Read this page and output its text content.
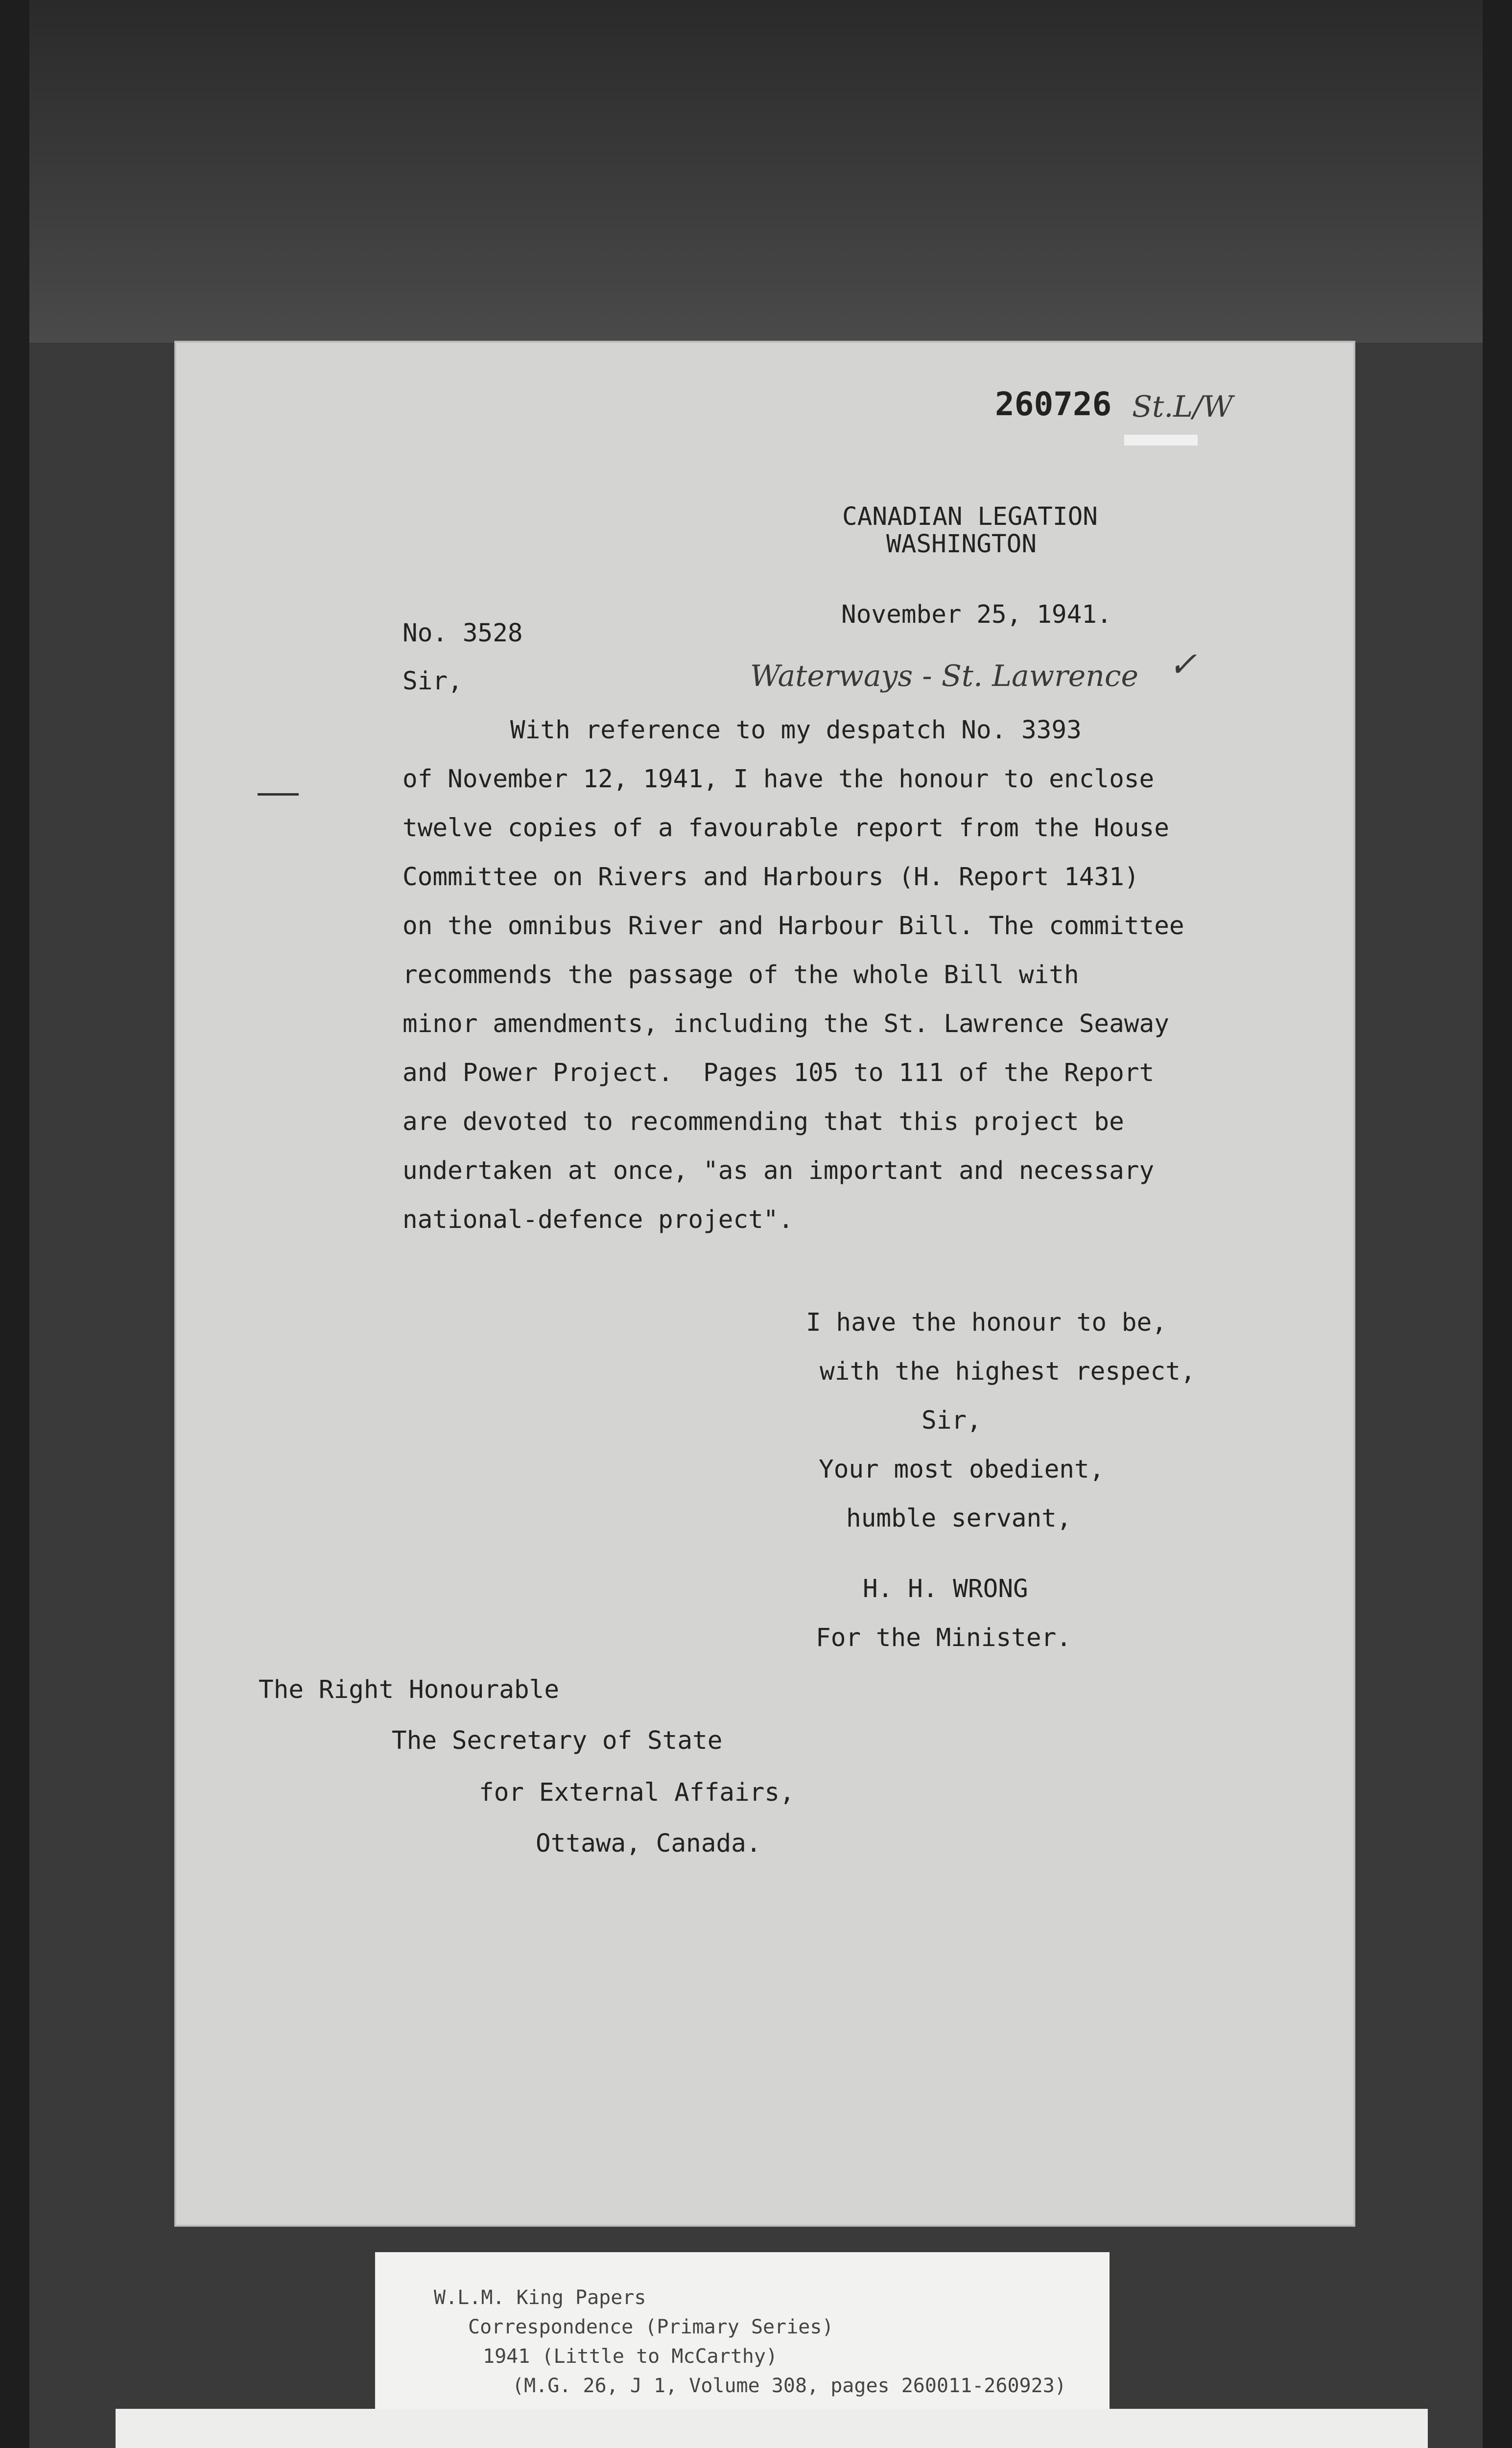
260726 St.L/W
CANADIAN LEGATION
WASHINGTON
November 25, 1941.
No. 3528
Sir,	Waterways - St. Lawrence ✓
With reference to my despatch No. 3393
of November 12, 1941, I have the honour to enclose
twelve copies of a favourable report from the House
Committee on Rivers and Harbours (H. Report 1431)
on the omnibus River and Harbour Bill. The committee
recommends the passage of the whole Bill with
minor amendments, including the St. Lawrence Seaway
and Power Project.  Pages 105 to 111 of the Report
are devoted to recommending that this project be
undertaken at once, "as an important and necessary
national-defence project".
I have the honour to be,
with the highest respect,
Sir,
Your most obedient,
humble servant,
H. H. WRONG
For the Minister.
The Right Honourable
The Secretary of State
for External Affairs,
Ottawa, Canada.
W.L.M. King Papers
Correspondence (Primary Series)
1941 (Little to McCarthy)
(M.G. 26, J 1, Volume 308, pages 260011-260923)
